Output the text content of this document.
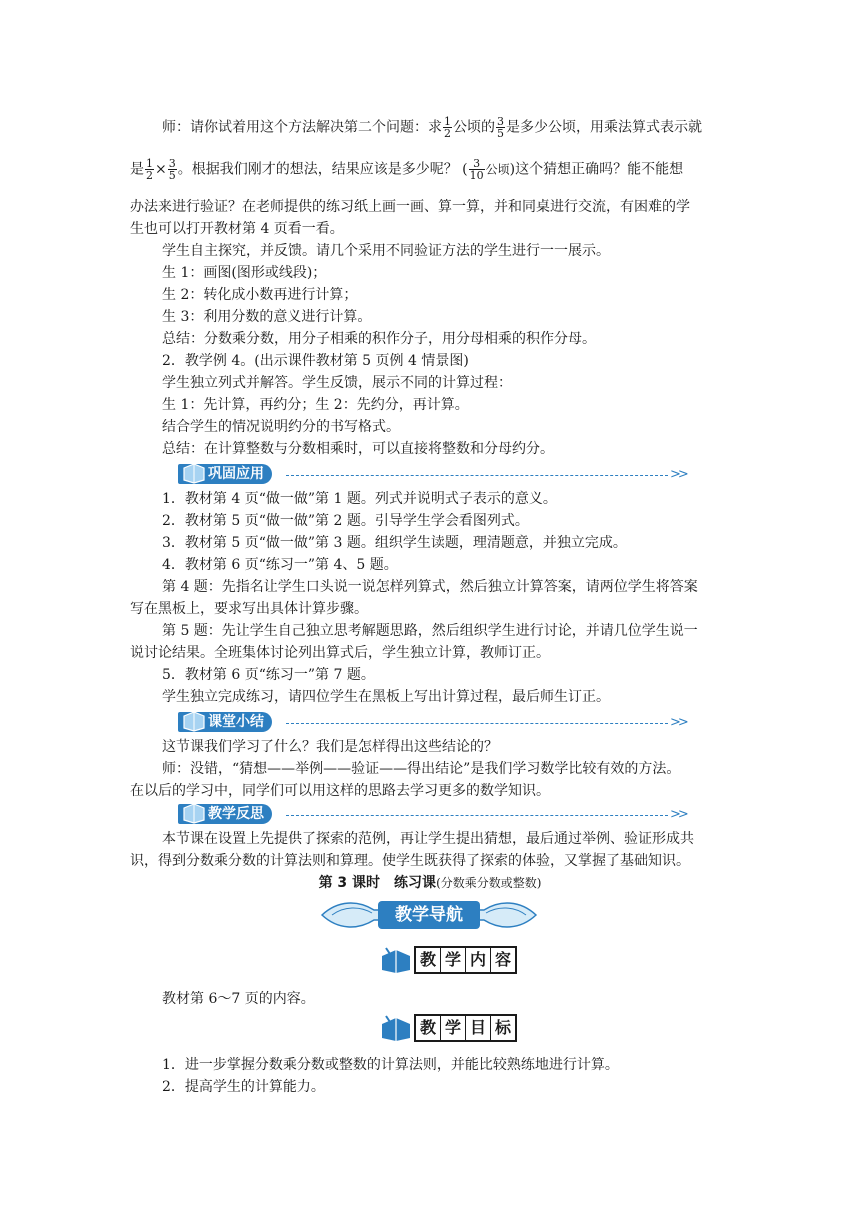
师：请你试着用这个方法解决第二个问题：求 $\frac{1}{2}$ 公顷的 $\frac{3}{5}$ 是多少公顷，用乘法算式表示就
是 $\frac{1}{2} \times \frac{3}{5}$ 。根据我们刚才的想法，结果应该是多少呢？ ( $\frac{3}{10}$ 公顷)这个猜想正确吗？能不能想
办法来进行验证？在老师提供的练习纸上画一画、算一算，并和同桌进行交流，有困难的学
生也可以打开教材第 4 页看一看。
学生自主探究，并反馈。请几个采用不同验证方法的学生进行一一展示。
生 1：画图(图形或线段)；
生 2：转化成小数再进行计算；
生 3：利用分数的意义进行计算。
总结：分数乘分数，用分子相乘的积作分子，用分母相乘的积作分母。
2．教学例 4。(出示课件教材第 5 页例 4 情景图)
学生独立列式并解答。学生反馈，展示不同的计算过程：
生 1：先计算，再约分；生 2：先约分，再计算。
结合学生的情况说明约分的书写格式。
总结：在计算整数与分数相乘时，可以直接将整数和分母约分。
巩固应用	>>
1．教材第 4 页“做一做”第 1 题。列式并说明式子表示的意义。
2．教材第 5 页“做一做”第 2 题。引导学生学会看图列式。
3．教材第 5 页“做一做”第 3 题。组织学生读题，理清题意，并独立完成。
4．教材第 6 页“练习一”第 4、5 题。
第 4 题：先指名让学生口头说一说怎样列算式，然后独立计算答案，请两位学生将答案
写在黑板上，要求写出具体计算步骤。
第 5 题：先让学生自己独立思考解题思路，然后组织学生进行讨论，并请几位学生说一
说讨论结果。全班集体讨论列出算式后，学生独立计算，教师订正。
5．教材第 6 页“练习一”第 7 题。
学生独立完成练习，请四位学生在黑板上写出计算过程，最后师生订正。
课堂小结	>>
这节课我们学习了什么？我们是怎样得出这些结论的？
师：没错，“猜想——举例——验证——得出结论”是我们学习数学比较有效的方法。
在以后的学习中，同学们可以用这样的思路去学习更多的数学知识。
教学反思	>>
本节课在设置上先提供了探索的范例，再让学生提出猜想，最后通过举例、验证形成共
识，得到分数乘分数的计算法则和算理。使学生既获得了探索的体验，又掌握了基础知识。
第 3 课时　练习课(分数乘分数或整数)
教学导航
教 学 内 容
教材第 6～7 页的内容。
教 学 目 标
1．进一步掌握分数乘分数或整数的计算法则，并能比较熟练地进行计算。
2．提高学生的计算能力。
